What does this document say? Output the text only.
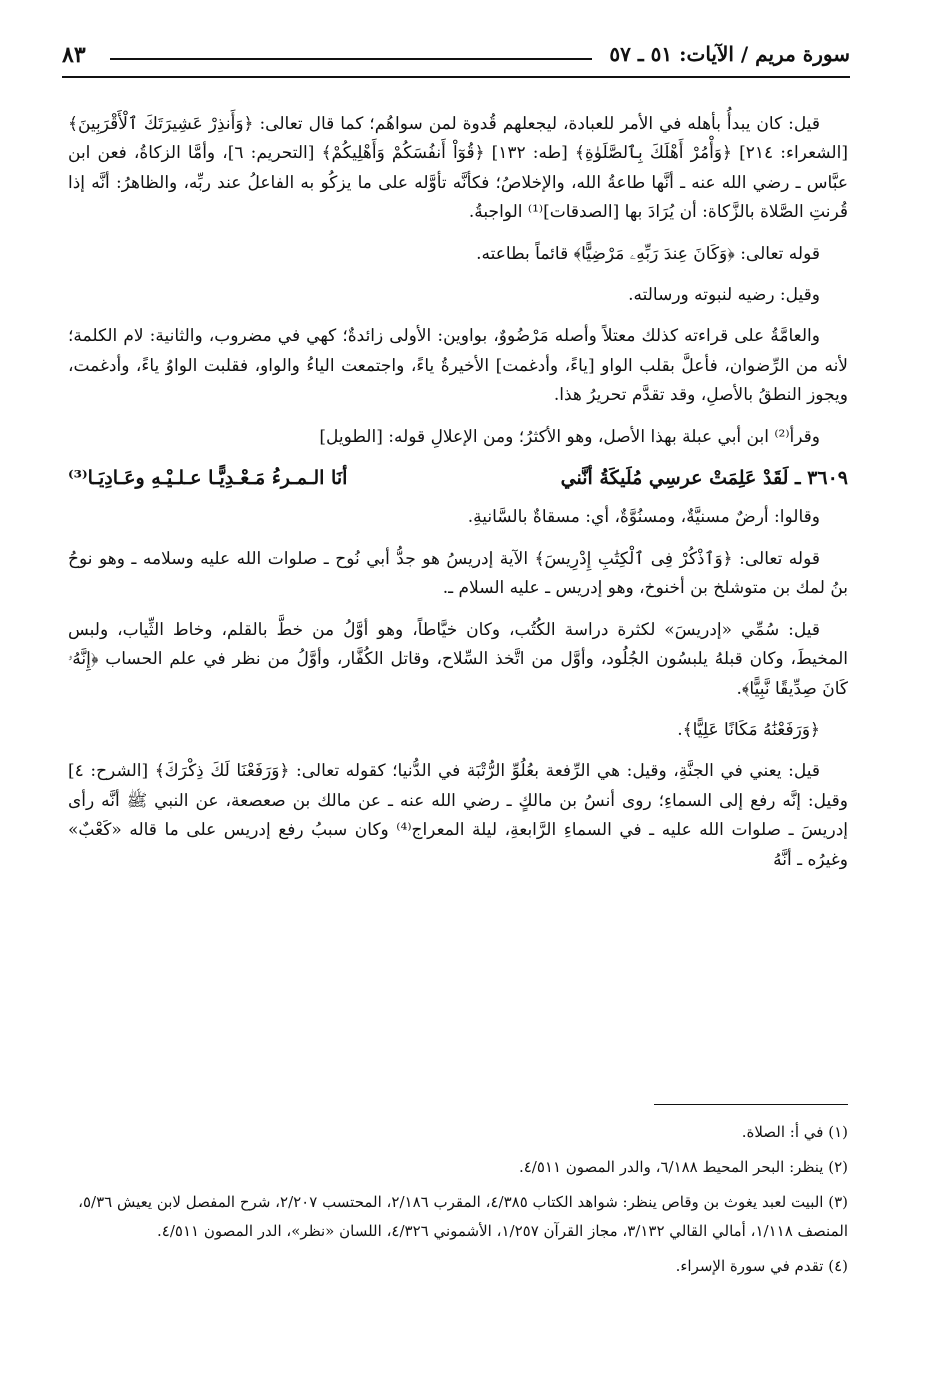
سورة مريم / الآيات: ٥١ ـ ٥٧
٨٣

قيل: كان يبدأُ بأهله في الأمر للعبادة، ليجعلهم قُدوة لمن سواهُم؛ كما قال تعالى: ﴿وَأَنذِرْ عَشِيرَتَكَ ٱلْأَقْرَبِينَ﴾ [الشعراء: ٢١٤] ﴿وَأْمُرْ أَهْلَكَ بِٱلصَّلَوٰةِ﴾ [طه: ١٣٢] ﴿قُوٓاْ أَنفُسَكُمْ وَأَهْلِيكُمْ﴾ [التحريم: ٦]، وأمَّا الزكاةُ، فعن ابن عبَّاس ـ رضي الله عنه ـ أنَّها طاعةُ الله، والإخلاصُ؛ فكأنَّه تأوَّله على ما يزكُو به الفاعلُ عند ربِّه، والظاهرُ: أنَّه إذا قُرنتِ الصَّلاة بالزَّكاة: أن يُرَادَ بها [الصدقات]⁽¹⁾ الواجبةُ.

قوله تعالى: ﴿وَكَانَ عِندَ رَبِّهِۦ مَرْضِيًّا﴾ قائماً بطاعته.

وقيل: رضيه لنبوته ورسالته.

والعامَّةُ على قراءته كذلك معتلاً وأصله مَرْضُووٌ، بواوين: الأولى زائدةٌ؛ كهي في مضروب، والثانية: لام الكلمة؛ لأنه من الرِّضوان، فأعلَّ بقلب الواو [ياءً، وأدغمت] الأخيرةُ ياءً، واجتمعت الياءُ والواو، فقلبت الواوُ ياءً، وأدغمت، ويجوز النطقُ بالأصلِ، وقد تقدَّم تحريرُ هذا.

وقرأ⁽²⁾ ابن أبي عبلة بهذا الأصل، وهو الأكثرُ؛ ومن الإعلالِ قوله: [الطويل]

٣٦٠٩ ـ لَقَدْ عَلِمَتْ عرسِي مُلَيكَةُ أنَّني
أنَا الـمـرءُ مَـعْـدِيًّـا عـلـيْـهِ وعَـادِيَـا⁽³⁾

وقالوا: أرضٌ مسنيَّةٌ، ومسنُوَّةٌ، أي: مسقاةٌ بالسَّانيةِ.

قوله تعالى: ﴿وَٱذْكُرْ فِى ٱلْكِتَٰبِ إِدْرِيسَ﴾ الآية إدريسُ هو جدُّ أبي نُوح ـ صلوات الله عليه وسلامه ـ وهو نوحُ بنُ لمك بن متوشلخ بن أخنوخ، وهو إدريس ـ عليه السلام ـ.

قيل: سُمِّي «إدريسَ» لكثرة دراسة الكُتُب، وكان خيَّاطاً، وهو أوَّلُ من خطَّ بالقلم، وخاط الثِّياب، ولبس المخيطَ، وكان قبلهُ يلبسُون الجُلُود، وأوَّل من اتَّخذ السِّلاح، وقاتل الكُفَّار، وأوَّلُ من نظر في علم الحساب ﴿إِنَّهُۥ كَانَ صِدِّيقًا نَّبِيًّا﴾.

﴿وَرَفَعْنَٰهُ مَكَانًا عَلِيًّا﴾.

قيل: يعني في الجنَّةِ، وقيل: هي الرِّفعة بعُلُوِّ الرُّتْبَة في الدُّنيا؛ كقوله تعالى: ﴿وَرَفَعْنَا لَكَ ذِكْرَكَ﴾ [الشرح: ٤] وقيل: إنَّه رفع إلى السماءِ؛ روى أنسُ بن مالكٍ ـ رضي الله عنه ـ عن مالك بن صعصعة، عن النبي ﷺ أنَّه رأى إدريسَ ـ صلوات الله عليه ـ في السماءِ الرَّابعةِ، ليلة المعراج⁽⁴⁾ وكان سببُ رفع إدريس على ما قاله «كَعْبٌ» وغيرُه ـ أنَّهُ

(١) في أ: الصلاة.
(٢) ينظر: البحر المحيط ٦/١٨٨، والدر المصون ٤/٥١١.
(٣) البيت لعبد يغوث بن وقاص ينظر: شواهد الكتاب ٤/٣٨٥، المقرب ٢/١٨٦، المحتسب ٢/٢٠٧، شرح المفصل لابن يعيش ٥/٣٦، المنصف ١/١١٨، أمالي القالي ٣/١٣٢، مجاز القرآن ١/٢٥٧، الأشموني ٤/٣٢٦، اللسان «نظر»، الدر المصون ٤/٥١١.
(٤) تقدم في سورة الإسراء.
